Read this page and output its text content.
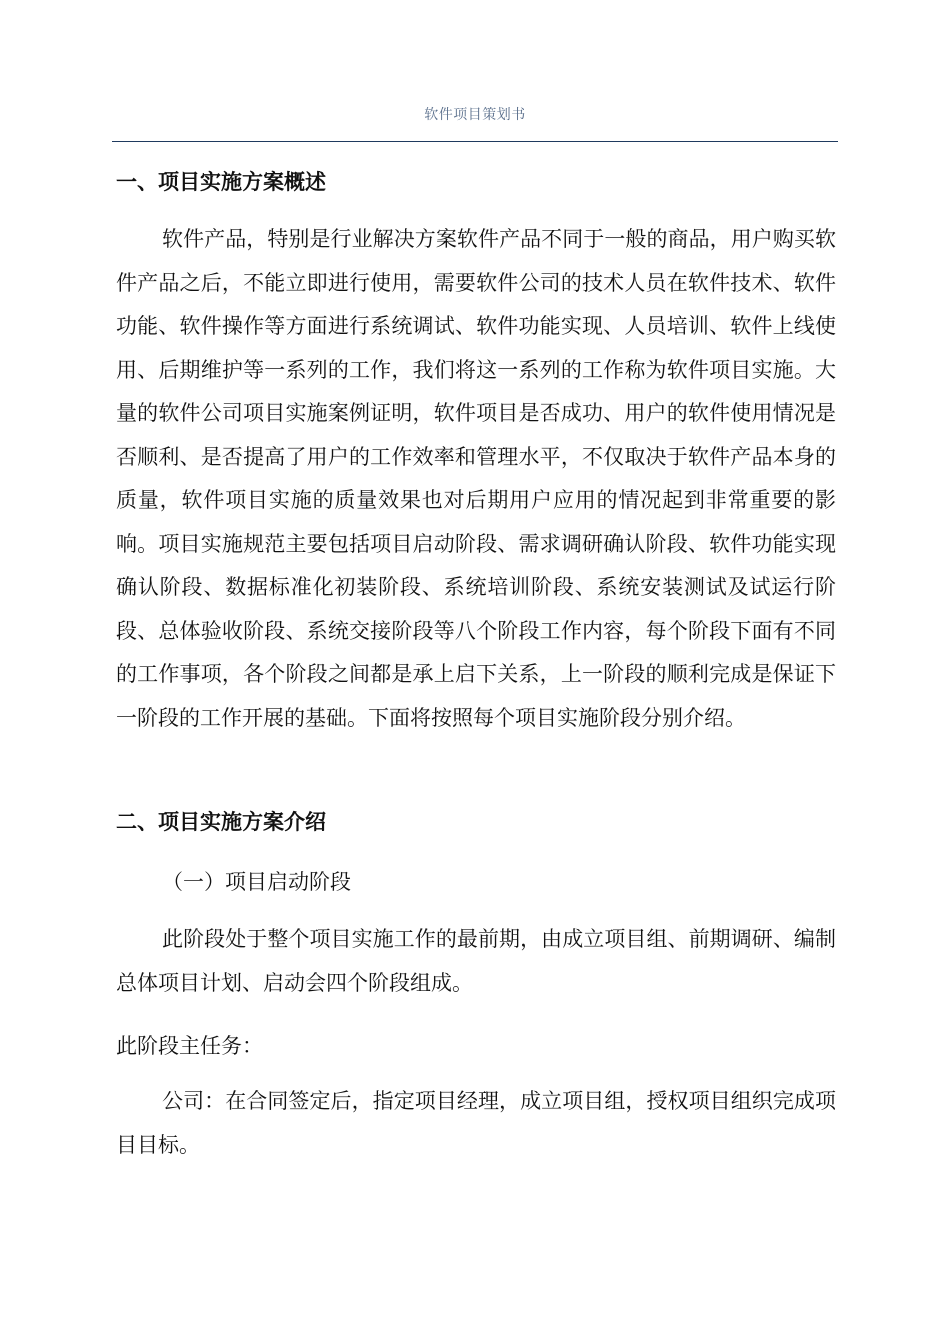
软件项目策划书
一、项目实施方案概述

软件产品，特别是行业解决方案软件产品不同于一般的商品，用户购买软件产品之后，不能立即进行使用，需要软件公司的技术人员在软件技术、软件功能、软件操作等方面进行系统调试、软件功能实现、人员培训、软件上线使用、后期维护等一系列的工作，我们将这一系列的工作称为软件项目实施。大量的软件公司项目实施案例证明，软件项目是否成功、用户的软件使用情况是否顺利、是否提高了用户的工作效率和管理水平，不仅取决于软件产品本身的质量，软件项目实施的质量效果也对后期用户应用的情况起到非常重要的影响。项目实施规范主要包括项目启动阶段、需求调研确认阶段、软件功能实现确认阶段、数据标准化初装阶段、系统培训阶段、系统安装测试及试运行阶段、总体验收阶段、系统交接阶段等八个阶段工作内容，每个阶段下面有不同的工作事项，各个阶段之间都是承上启下关系，上一阶段的顺利完成是保证下一阶段的工作开展的基础。下面将按照每个项目实施阶段分别介绍。

二、项目实施方案介绍
（一）项目启动阶段

此阶段处于整个项目实施工作的最前期，由成立项目组、前期调研、编制总体项目计划、启动会四个阶段组成。

此阶段主任务：

公司：在合同签定后，指定项目经理，成立项目组，授权项目组织完成项目目标。
